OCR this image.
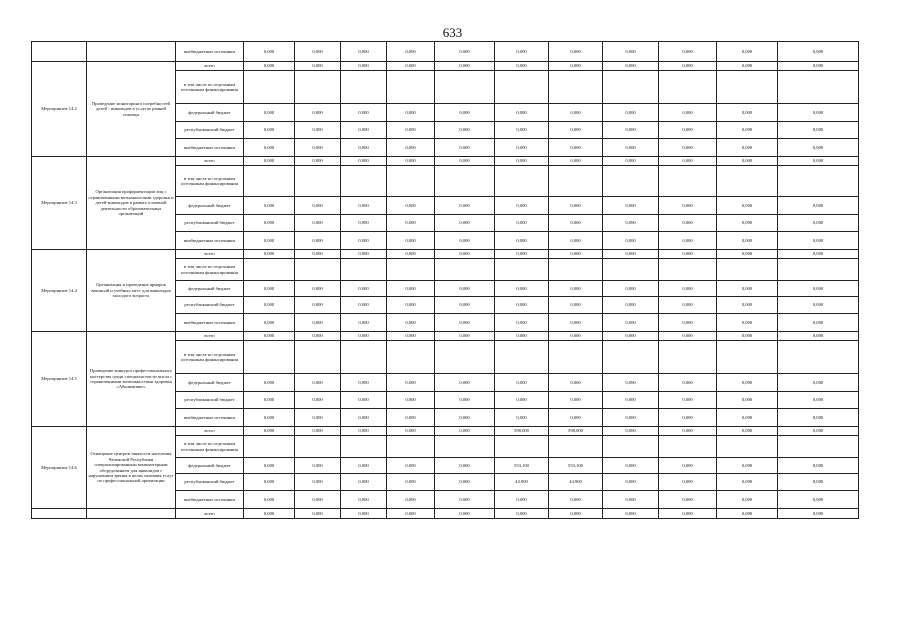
633
		внебюджетные источники	0,000	0,000	0,000	0,000	0,000	0,000	0,000	0,000	0,000	0,000	0,000
Мероприятие 14.2	Проведение мониторинга потребностей детей - инвалидов в услугах ранней помощи	всего	0,000	0,000	0,000	0,000	0,000	0,000	0,000	0,000	0,000	0,000	0,000
		в том числе по отдельным источникам финансирования											
		федеральный бюджет	0,000	0,000	0,000	0,000	0,000	0,000	0,000	0,000	0,000	0,000	0,000
		республиканский бюджет	0,000	0,000	0,000	0,000	0,000	0,000	0,000	0,000	0,000	0,000	0,000
		внебюджетные источники	0,000	0,000	0,000	0,000	0,000	0,000	0,000	0,000	0,000	0,000	0,000
Мероприятие 14.3	Организация профориентации лиц с ограниченными возможностями здоровья и детей-инвалидов в рамках основной деятельности образовательных организаций	всего	0,000	0,000	0,000	0,000	0,000	0,000	0,000	0,000	0,000	0,000	0,000
		в том числе по отдельным источникам финансирования											
		федеральный бюджет	0,000	0,000	0,000	0,000	0,000	0,000	0,000	0,000	0,000	0,000	0,000
		республиканский бюджет	0,000	0,000	0,000	0,000	0,000	0,000	0,000	0,000	0,000	0,000	0,000
		внебюджетные источники	0,000	0,000	0,000	0,000	0,000	0,000	0,000	0,000	0,000	0,000	0,000
Мероприятие 14.4	Организация и проведение ярмарок вакансий и учебных мест для инвалидов молодого возраста	всего	0,000	0,000	0,000	0,000	0,000	0,000	0,000	0,000	0,000	0,000	0,000
		в том числе по отдельным источникам финансирования											
		федеральный бюджет	0,000	0,000	0,000	0,000	0,000	0,000	0,000	0,000	0,000	0,000	0,000
		республиканский бюджет	0,000	0,000	0,000	0,000	0,000	0,000	0,000	0,000	0,000	0,000	0,000
		внебюджетные источники	0,000	0,000	0,000	0,000	0,000	0,000	0,000	0,000	0,000	0,000	0,000
Мероприятие 14.5	Проведение конкурса профессионального мастерства среди специалистов из числа с ограниченными возможностями здоровья «Абилимпикс»	всего	0,000	0,000	0,000	0,000	0,000	0,000	0,000	0,000	0,000	0,000	0,000
		в том числе по отдельным источникам финансирования											
		федеральный бюджет	0,000	0,000	0,000	0,000	0,000	0,000	0,000	0,000	0,000	0,000	0,000
		республиканский бюджет	0,000	0,000	0,000	0,000	0,000	0,000	0,000	0,000	0,000	0,000	0,000
		внебюджетные источники	0,000	0,000	0,000	0,000	0,000	0,000	0,000	0,000	0,000	0,000	0,000
Мероприятие 14.6	Оснащение центров занятости населения Чеченской Республики специализированным компьютерным оборудованием для инвалидов с нарушением зрения в целях оказания услуг по профессиональной ориентации	всего	0,000	0,000	0,000	0,000	0,000	598,000	598,000	0,000	0,000	0,000	0,000
		в том числе по отдельным источникам финансирования											
		федеральный бюджет	0,000	0,000	0,000	0,000	0,000	553,100	553,100	0,000	0,000	0,000	0,000
		республиканский бюджет	0,000	0,000	0,000	0,000	0,000	44,900	44,900	0,000	0,000	0,000	0,000
		внебюджетные источники	0,000	0,000	0,000	0,000	0,000	0,000	0,000	0,000	0,000	0,000	0,000
		всего	0,000	0,000	0,000	0,000	0,000	0,000	0,000	0,000	0,000	0,000	0,000
